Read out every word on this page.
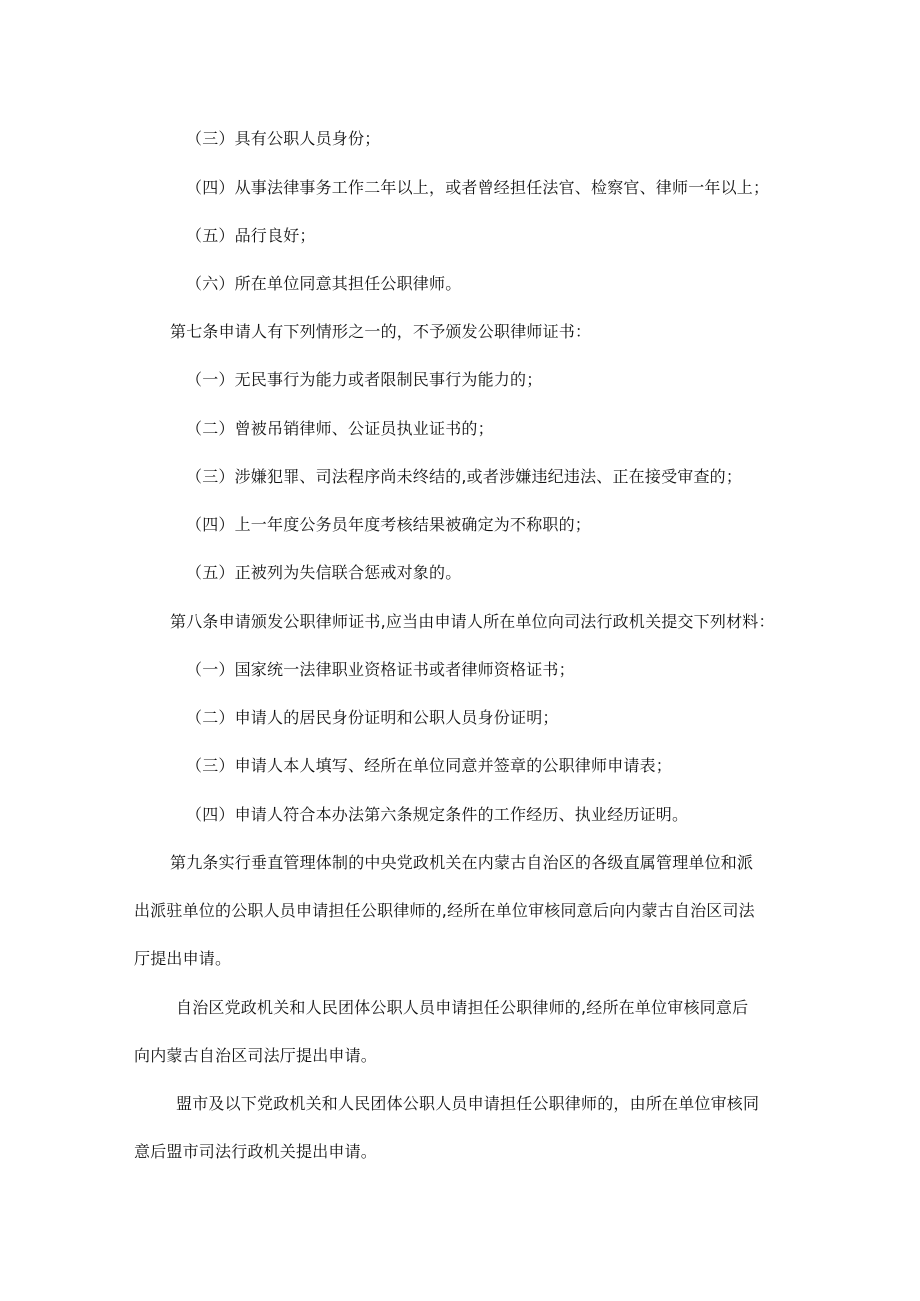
（三）具有公职人员身份；
（四）从事法律事务工作二年以上，或者曾经担任法官、检察官、律师一年以上；
（五）品行良好；
（六）所在单位同意其担任公职律师。
第七条申请人有下列情形之一的，不予颁发公职律师证书：
（一）无民事行为能力或者限制民事行为能力的；
（二）曾被吊销律师、公证员执业证书的；
（三）涉嫌犯罪、司法程序尚未终结的,或者涉嫌违纪违法、正在接受审查的；
（四）上一年度公务员年度考核结果被确定为不称职的；
（五）正被列为失信联合惩戒对象的。
第八条申请颁发公职律师证书,应当由申请人所在单位向司法行政机关提交下列材料：
（一）国家统一法律职业资格证书或者律师资格证书；
（二）申请人的居民身份证明和公职人员身份证明；
（三）申请人本人填写、经所在单位同意并签章的公职律师申请表；
（四）申请人符合本办法第六条规定条件的工作经历、执业经历证明。
第九条实行垂直管理体制的中央党政机关在内蒙古自治区的各级直属管理单位和派
出派驻单位的公职人员申请担任公职律师的,经所在单位审核同意后向内蒙古自治区司法
厅提出申请。
自治区党政机关和人民团体公职人员申请担任公职律师的,经所在单位审核同意后
向内蒙古自治区司法厅提出申请。
盟市及以下党政机关和人民团体公职人员申请担任公职律师的，由所在单位审核同
意后盟市司法行政机关提出申请。
